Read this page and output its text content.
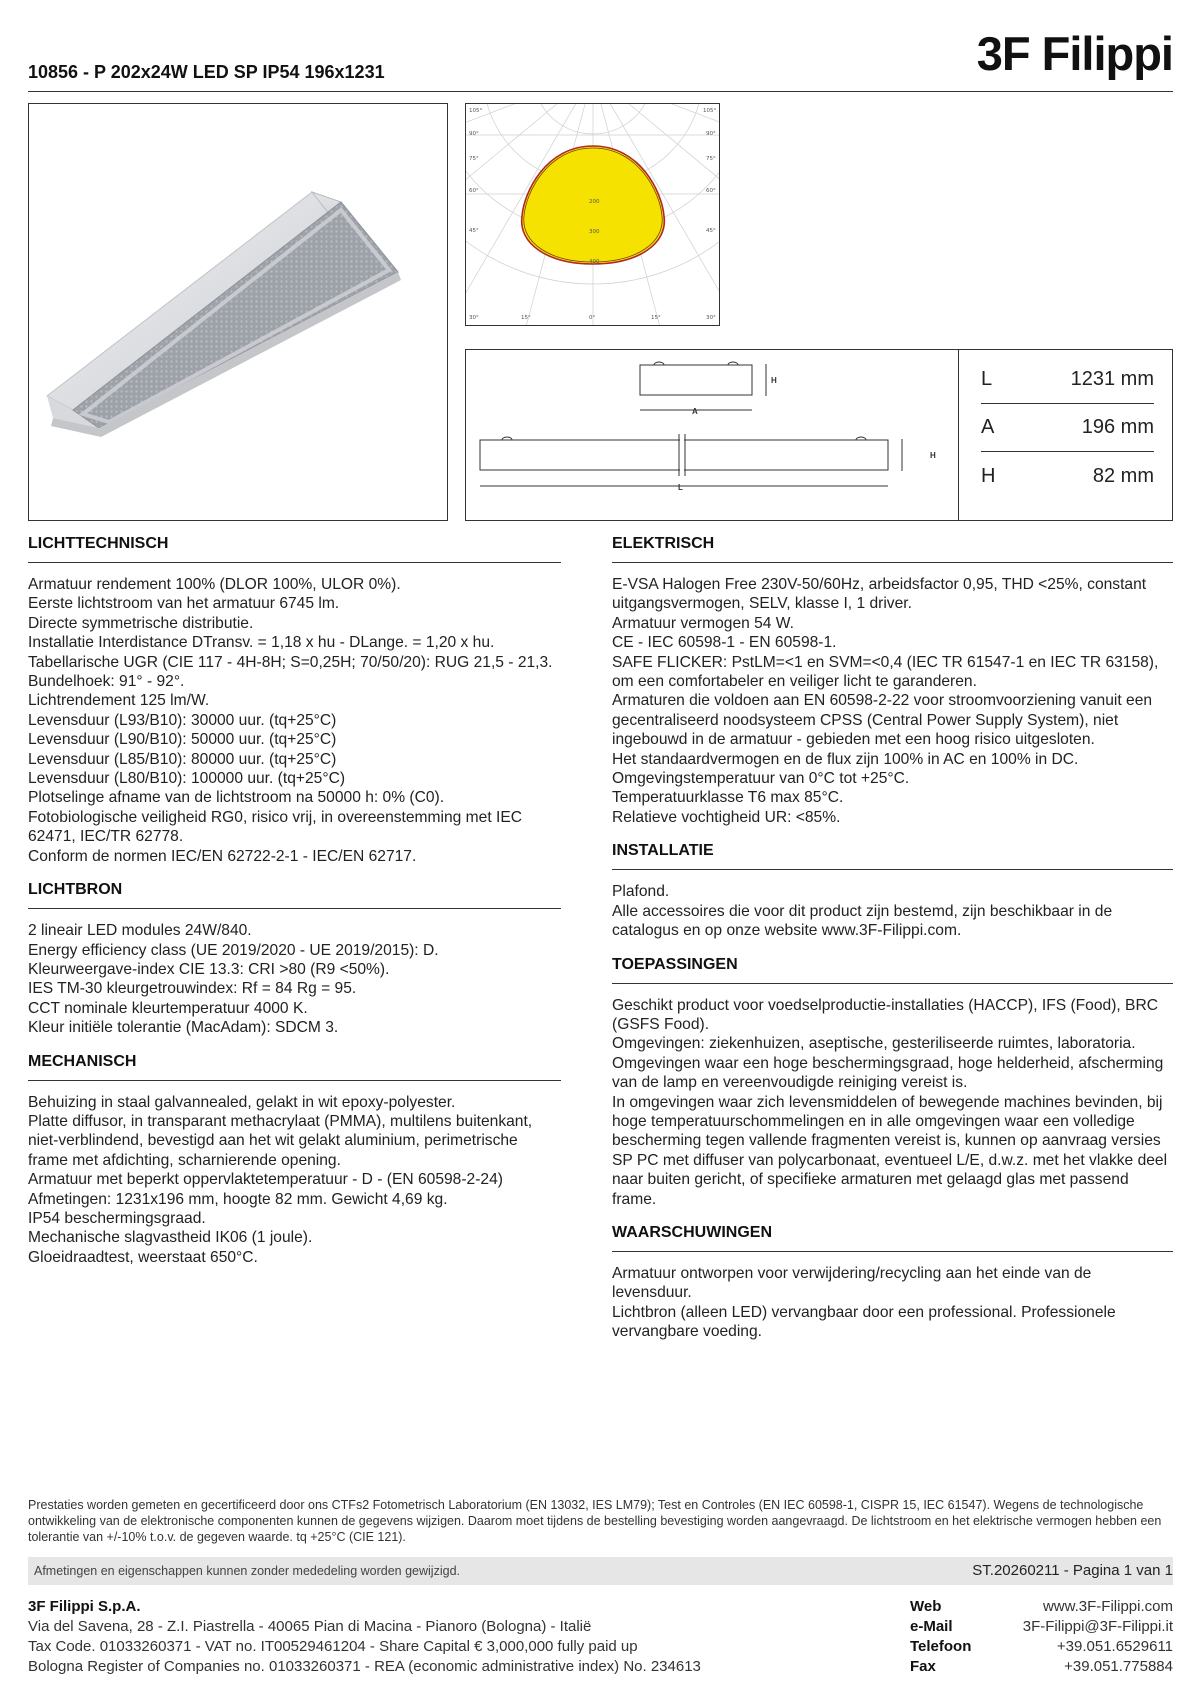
10856 - P 202x24W LED SP IP54 196x1231	3F Filippi
105°
90°
75°
60°
45°
105°
90°
75°
60°
45°
30°	15°	0°	15°	30°
200
300
400
H
A
H
L
L	1231 mm
A	196 mm
H	82 mm
LICHTTECHNISCH
Armatuur rendement 100% (DLOR 100%, ULOR 0%).
Eerste lichtstroom van het armatuur 6745 lm.
Directe symmetrische distributie.
Installatie Interdistance DTransv. = 1,18 x hu - DLange. = 1,20 x hu.
Tabellarische UGR (CIE 117 - 4H-8H; S=0,25H; 70/50/20): RUG 21,5 - 21,3.
Bundelhoek: 91° - 92°.
Lichtrendement 125 lm/W.
Levensduur (L93/B10): 30000 uur. (tq+25°C)
Levensduur (L90/B10): 50000 uur. (tq+25°C)
Levensduur (L85/B10): 80000 uur. (tq+25°C)
Levensduur (L80/B10): 100000 uur. (tq+25°C)
Plotselinge afname van de lichtstroom na 50000 h: 0% (C0).
Fotobiologische veiligheid RG0, risico vrij, in overeenstemming met IEC 62471, IEC/TR 62778.
Conform de normen IEC/EN 62722-2-1 - IEC/EN 62717.
LICHTBRON
2 lineair LED modules 24W/840.
Energy efficiency class (UE 2019/2020 - UE 2019/2015): D.
Kleurweergave-index CIE 13.3: CRI >80 (R9 <50%).
IES TM-30 kleurgetrouwindex: Rf = 84 Rg = 95.
CCT nominale kleurtemperatuur 4000 K.
Kleur initiële tolerantie (MacAdam): SDCM 3.
MECHANISCH
Behuizing in staal galvannealed, gelakt in wit epoxy-polyester.
Platte diffusor, in transparant methacrylaat (PMMA), multilens buitenkant, niet-verblindend, bevestigd aan het wit gelakt aluminium, perimetrische frame met afdichting, scharnierende opening.
Armatuur met beperkt oppervlaktetemperatuur - D - (EN 60598-2-24)
Afmetingen: 1231x196 mm, hoogte 82 mm. Gewicht 4,69 kg.
IP54 beschermingsgraad.
Mechanische slagvastheid IK06 (1 joule).
Gloeidraadtest, weerstaat 650°C.
ELEKTRISCH
E-VSA Halogen Free 230V-50/60Hz, arbeidsfactor 0,95, THD <25%, constant uitgangsvermogen, SELV, klasse I, 1 driver.
Armatuur vermogen 54 W.
CE - IEC 60598-1 - EN 60598-1.
SAFE FLICKER: PstLM=<1 en SVM=<0,4 (IEC TR 61547-1 en IEC TR 63158), om een comfortabeler en veiliger licht te garanderen.
Armaturen die voldoen aan EN 60598-2-22 voor stroomvoorziening vanuit een gecentraliseerd noodsysteem CPSS (Central Power Supply System), niet ingebouwd in de armatuur - gebieden met een hoog risico uitgesloten.
Het standaardvermogen en de flux zijn 100% in AC en 100% in DC.
Omgevingstemperatuur van 0°C tot +25°C.
Temperatuurklasse T6 max 85°C.
Relatieve vochtigheid UR: <85%.
INSTALLATIE
Plafond.
Alle accessoires die voor dit product zijn bestemd, zijn beschikbaar in de catalogus en op onze website www.3F-Filippi.com.
TOEPASSINGEN
Geschikt product voor voedselproductie-installaties (HACCP), IFS (Food), BRC (GSFS Food).
Omgevingen: ziekenhuizen, aseptische, gesteriliseerde ruimtes, laboratoria.
Omgevingen waar een hoge beschermingsgraad, hoge helderheid, afscherming van de lamp en vereenvoudigde reiniging vereist is.
In omgevingen waar zich levensmiddelen of bewegende machines bevinden, bij hoge temperatuurschommelingen en in alle omgevingen waar een volledige bescherming tegen vallende fragmenten vereist is, kunnen op aanvraag versies SP PC met diffuser van polycarbonaat, eventueel L/E, d.w.z. met het vlakke deel naar buiten gericht, of specifieke armaturen met gelaagd glas met passend frame.
WAARSCHUWINGEN
Armatuur ontworpen voor verwijdering/recycling aan het einde van de levensduur.
Lichtbron (alleen LED) vervangbaar door een professional. Professionele vervangbare voeding.
Prestaties worden gemeten en gecertificeerd door ons CTFs2 Fotometrisch Laboratorium (EN 13032, IES LM79); Test en Controles (EN IEC 60598-1, CISPR 15, IEC 61547). Wegens de technologische ontwikkeling van de elektronische componenten kunnen de gegevens wijzigen. Daarom moet tijdens de bestelling bevestiging worden aangevraagd. De lichtstroom en het elektrische vermogen hebben een tolerantie van +/-10% t.o.v. de gegeven waarde. tq +25°C (CIE 121).
Afmetingen en eigenschappen kunnen zonder mededeling worden gewijzigd.	ST.20260211 - Pagina 1 van 1
3F Filippi S.p.A.
Via del Savena, 28 - Z.I. Piastrella - 40065 Pian di Macina - Pianoro (Bologna) - Italië
Tax Code. 01033260371 - VAT no. IT00529461204 - Share Capital € 3,000,000 fully paid up
Bologna Register of Companies no. 01033260371 - REA (economic administrative index) No. 234613
Web	www.3F-Filippi.com
e-Mail	3F-Filippi@3F-Filippi.it
Telefoon	+39.051.6529611
Fax	+39.051.775884
